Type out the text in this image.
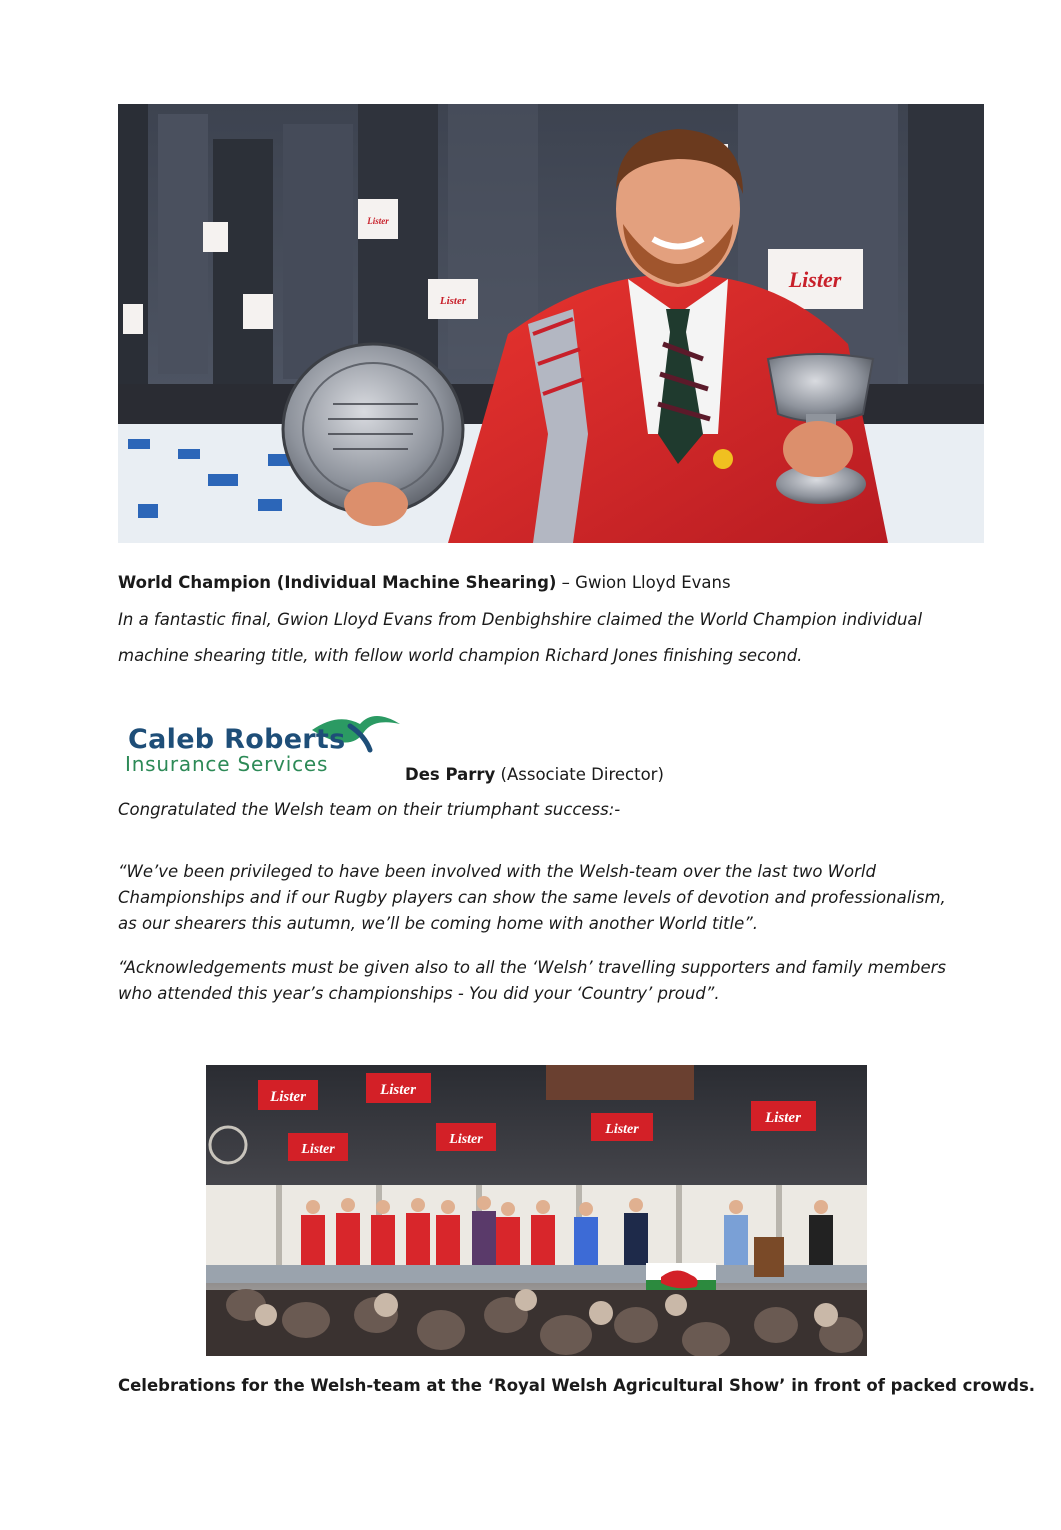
Lister
Lister
Lister
World Champion (Individual Machine Shearing) – Gwion Lloyd Evans
In a fantastic final, Gwion Lloyd Evans from Denbighshire claimed the World Champion individual
machine shearing title, with fellow world champion Richard Jones finishing second.
Caleb Roberts
Insurance Services	Des Parry (Associate Director)
Congratulated the Welsh team on their triumphant success:-
“We’ve been privileged to have been involved with the Welsh-team over the last two World
Championships and if our Rugby players can show the same levels of devotion and professionalism,
as our shearers this autumn, we’ll be coming home with another World title”.
“Acknowledgements must be given also to all the ‘Welsh’ travelling supporters and family members
who attended this year’s championships - You did your ‘Country’ proud”.
Lister	Lister
Lister
Lister
Lister
Lister
Celebrations for the Welsh-team at the ‘Royal Welsh Agricultural Show’ in front of packed crowds.
